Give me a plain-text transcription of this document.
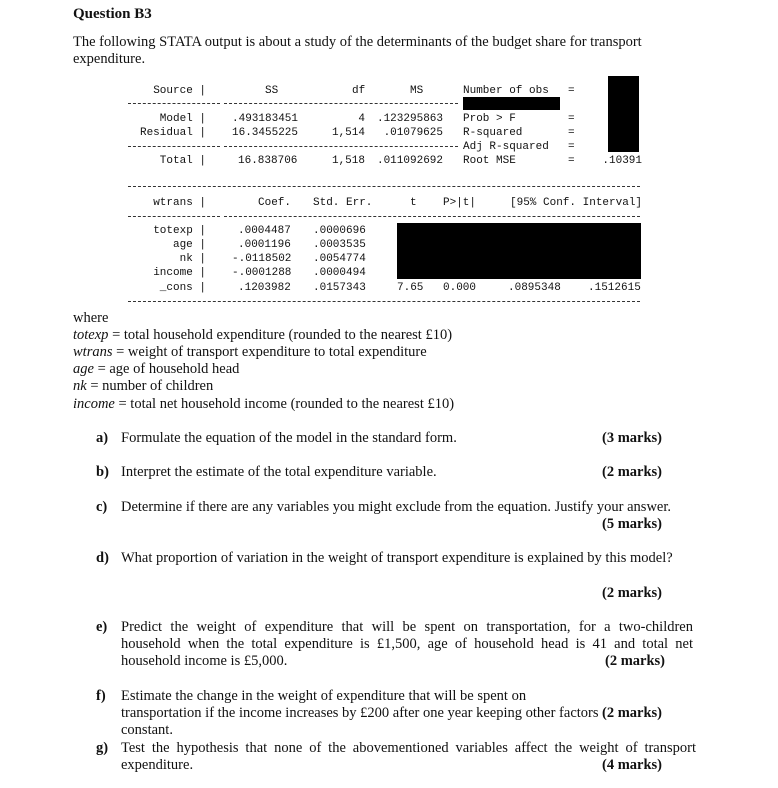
Question B3
The following STATA output is about a study of the determinants of the budget share for transport
expenditure.
Source |	SS	df	MS	Number of obs =
Model | .493183451	4 .123295863
Residual | 16.3455225	1,514 .01079625
Total |	16.838706	1,518 .011092692
Prob > F	=
R-squared	=
Adj R-squared =
Root MSE	=	.10391
wtrans |	Coef. Std. Err.	t P>|t|	[95% Conf. Interval]
totexp |	.0004487 .0000696
age |	.0001196 .0003535
nk | -.0118502 .0054774
income | -.0001288 .0000494
_cons |	.1203982 .0157343	7.65 0.000	.0895348 .1512615
where
totexp = total household expenditure (rounded to the nearest £10)
wtrans = weight of transport expenditure to total expenditure
age = age of household head
nk = number of children
income = total net household income (rounded to the nearest £10)
a) Formulate the equation of the model in the standard form.	(3 marks)
b) Interpret the estimate of the total expenditure variable.	(2 marks)
c) Determine if there are any variables you might exclude from the equation. Justify your answer.
(5 marks)
d) What proportion of variation in the weight of transport expenditure is explained by this model?
(2 marks)
e) Predict the weight of expenditure that will be spent on transportation, for a two-children household when the total expenditure is £1,500, age of household head is 41 and total net household income is £5,000.	(2 marks)
f) Estimate the change in the weight of expenditure that will be spent on transportation if the income increases by £200 after one year keeping other factors constant.
(2 marks)
g) Test the hypothesis that none of the abovementioned variables affect the weight of transport expenditure.	(4 marks)
